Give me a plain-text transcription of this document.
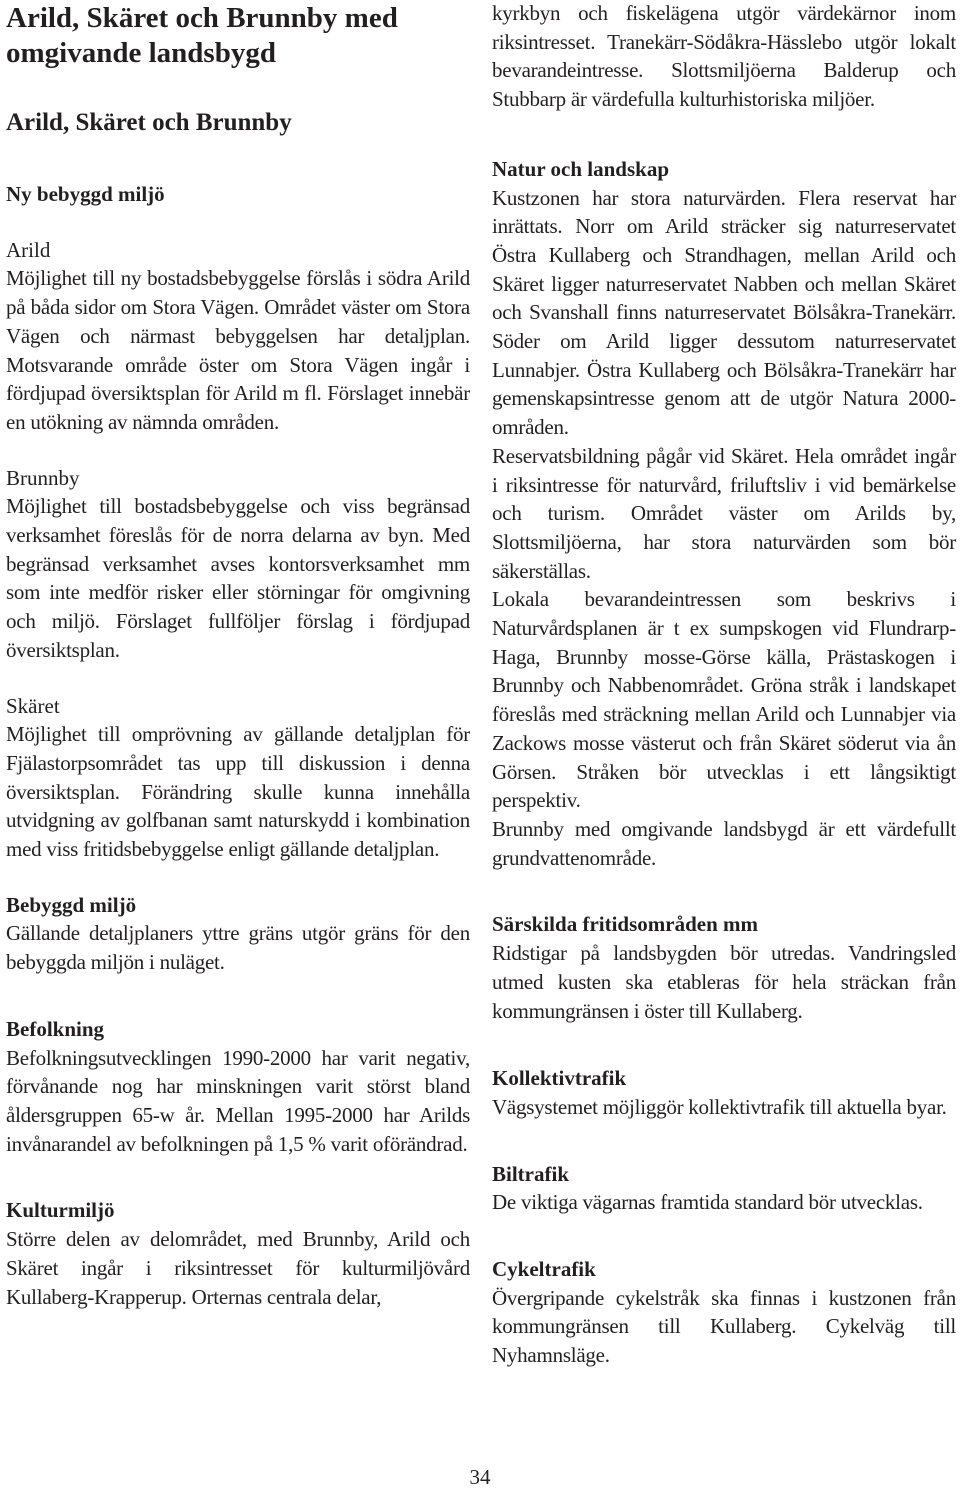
Arild, Skäret och Brunnby med omgivande landsbygd
Arild, Skäret och Brunnby
Ny bebyggd miljö
Arild

Möjlighet till ny bostadsbebyggelse förslås i södra Arild på båda sidor om Stora Vägen. Området väster om Stora Vägen och närmast bebyggelsen har detaljplan. Motsvarande område öster om Stora Vägen ingår i fördjupad översiktsplan för Arild m fl. Förslaget innebär en utökning av nämnda områden.

Brunnby

Möjlighet till bostadsbebyggelse och viss begränsad verksamhet föreslås för de norra delarna av byn. Med begränsad verksamhet avses kontorsverksamhet mm som inte medför risker eller störningar för omgivning och miljö. Förslaget fullföljer förslag i fördjupad översiktsplan.

Skäret

Möjlighet till omprövning av gällande detaljplan för Fjälastorpsområdet tas upp till diskussion i denna översiktsplan. Förändring skulle kunna innehålla utvidgning av golfbanan samt naturskydd i kombination med viss fritidsbebyggelse enligt gällande detaljplan.

Bebyggd miljö

Gällande detaljplaners yttre gräns utgör gräns för den bebyggda miljön i nuläget.

Befolkning

Befolkningsutvecklingen 1990-2000 har varit negativ, förvånande nog har minskningen varit störst bland åldersgruppen 65-w år. Mellan 1995-2000 har Arilds invånarandel av befolkningen på 1,5 % varit oförändrad.

Kulturmiljö

Större delen av delområdet, med Brunnby, Arild och Skäret ingår i riksintresset för kulturmiljövård Kullaberg-Krapperup. Orternas centrala delar,

kyrkbyn och fiskelägena utgör värdekärnor inom riksintresset. Tranekärr-Södåkra-Hässlebo utgör lokalt bevarandeintresse. Slottsmiljöerna Balderup och Stubbarp är värdefulla kulturhistoriska miljöer.

Natur och landskap

Kustzonen har stora naturvärden. Flera reservat har inrättats. Norr om Arild sträcker sig naturreservatet Östra Kullaberg och Strandhagen, mellan Arild och Skäret ligger naturreservatet Nabben och mellan Skäret och Svanshall finns naturreservatet Bölsåkra-Tranekärr. Söder om Arild ligger dessutom naturreservatet Lunnabjer. Östra Kullaberg och Bölsåkra-Tranekärr har gemenskapsintresse genom att de utgör Natura 2000-områden.

Reservatsbildning pågår vid Skäret. Hela området ingår i riksintresse för naturvård, friluftsliv i vid bemärkelse och turism. Området väster om Arilds by, Slottsmiljöerna, har stora naturvärden som bör säkerställas.

Lokala bevarandeintressen som beskrivs i Naturvårdsplanen är t ex sumpskogen vid Flundrarp-Haga, Brunnby mosse-Görse källa, Prästaskogen i Brunnby och Nabbenområdet. Gröna stråk i landskapet föreslås med sträckning mellan Arild och Lunnabjer via Zackows mosse västerut och från Skäret söderut via ån Görsen. Stråken bör utvecklas i ett långsiktigt perspektiv.

Brunnby med omgivande landsbygd är ett värdefullt grundvattenområde.

Särskilda fritidsområden mm

Ridstigar på landsbygden bör utredas. Vandringsled utmed kusten ska etableras för hela sträckan från kommungränsen i öster till Kullaberg.

Kollektivtrafik

Vägsystemet möjliggör kollektivtrafik till aktuella byar.

Biltrafik

De viktiga vägarnas framtida standard bör utvecklas.

Cykeltrafik

Övergripande cykelstråk ska finnas i kustzonen från kommungränsen till Kullaberg. Cykelväg till Nyhamnsläge.

34
